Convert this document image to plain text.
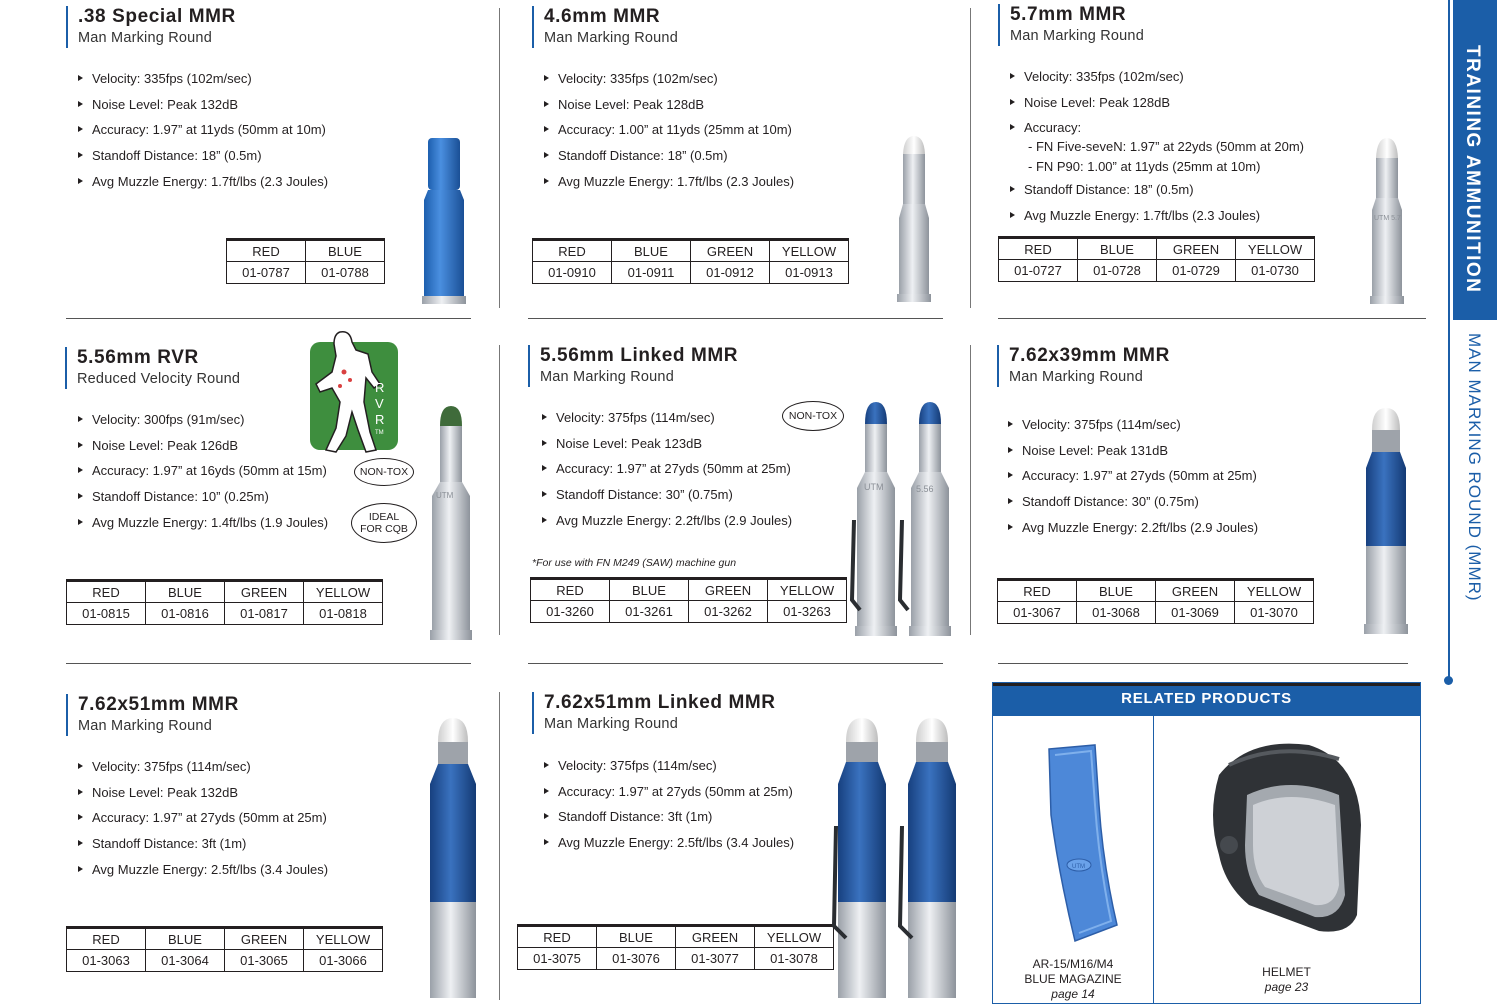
.38 Special MMR
Man Marking Round
Velocity: 335fps (102m/sec)
Noise Level: Peak 132dB
Accuracy: 1.97” at 11yds (50mm at 10m)
Standoff Distance: 18” (0.5m)
Avg Muzzle Energy: 1.7ft/lbs (2.3 Joules)
RED	BLUE
01-0787	01-0788
4.6mm MMR
Man Marking Round
Velocity: 335fps (102m/sec)
Noise Level: Peak 128dB
Accuracy: 1.00” at 11yds (25mm at 10m)
Standoff Distance: 18” (0.5m)
Avg Muzzle Energy: 1.7ft/lbs (2.3 Joules)
RED	BLUE	GREEN	YELLOW
01-0910	01-0911	01-0912	01-0913
5.7mm MMR
Man Marking Round
Velocity: 335fps (102m/sec)
Noise Level: Peak 128dB
Accuracy:
- FN Five-seveN: 1.97” at 22yds (50mm at 20m)
- FN P90: 1.00” at 11yds (25mm at 10m)
Standoff Distance: 18” (0.5m)
Avg Muzzle Energy: 1.7ft/lbs (2.3 Joules)
RED	BLUE	GREEN	YELLOW
01-0727	01-0728	01-0729	01-0730
UTM 5.7
5.56mm RVR
Reduced Velocity Round
Velocity: 300fps (91m/sec)
Noise Level: Peak 126dB
Accuracy: 1.97” at 16yds (50mm at 15m)
Standoff Distance: 10” (0.25m)
Avg Muzzle Energy: 1.4ft/lbs (1.9 Joules)
NON-TOX
IDEAL
FOR CQB
R
V
R
TM
RED	BLUE	GREEN	YELLOW
01-0815	01-0816	01-0817	01-0818
UTM
5.56mm Linked MMR
Man Marking Round
Velocity: 375fps (114m/sec)
Noise Level: Peak 123dB
Accuracy: 1.97” at 27yds (50mm at 25m)
Standoff Distance: 30” (0.75m)
Avg Muzzle Energy: 2.2ft/lbs (2.9 Joules)
NON-TOX
*For use with FN M249 (SAW) machine gun
RED	BLUE	GREEN	YELLOW
01-3260	01-3261	01-3262	01-3263
UTM	5.56
7.62x39mm MMR
Man Marking Round
Velocity: 375fps (114m/sec)
Noise Level: Peak 131dB
Accuracy: 1.97” at 27yds (50mm at 25m)
Standoff Distance: 30” (0.75m)
Avg Muzzle Energy: 2.2ft/lbs (2.9 Joules)
RED	BLUE	GREEN	YELLOW
01-3067	01-3068	01-3069	01-3070
7.62x51mm MMR
Man Marking Round
Velocity: 375fps (114m/sec)
Noise Level: Peak 132dB
Accuracy: 1.97” at 27yds (50mm at 25m)
Standoff Distance: 3ft (1m)
Avg Muzzle Energy: 2.5ft/lbs (3.4 Joules)
RED	BLUE	GREEN	YELLOW
01-3063	01-3064	01-3065	01-3066
7.62x51mm Linked MMR
Man Marking Round
Velocity: 375fps (114m/sec)
Accuracy: 1.97” at 27yds (50mm at 25m)
Standoff Distance: 3ft (1m)
Avg Muzzle Energy: 2.5ft/lbs (3.4 Joules)
RED	BLUE	GREEN	YELLOW
01-3075	01-3076	01-3077	01-3078
RELATED PRODUCTS
UTM
AR-15/M16/M4
BLUE MAGAZINE
page 14
HELMET
page 23
TRAINING AMMUNITION
MAN MARKING ROUND (MMR)
